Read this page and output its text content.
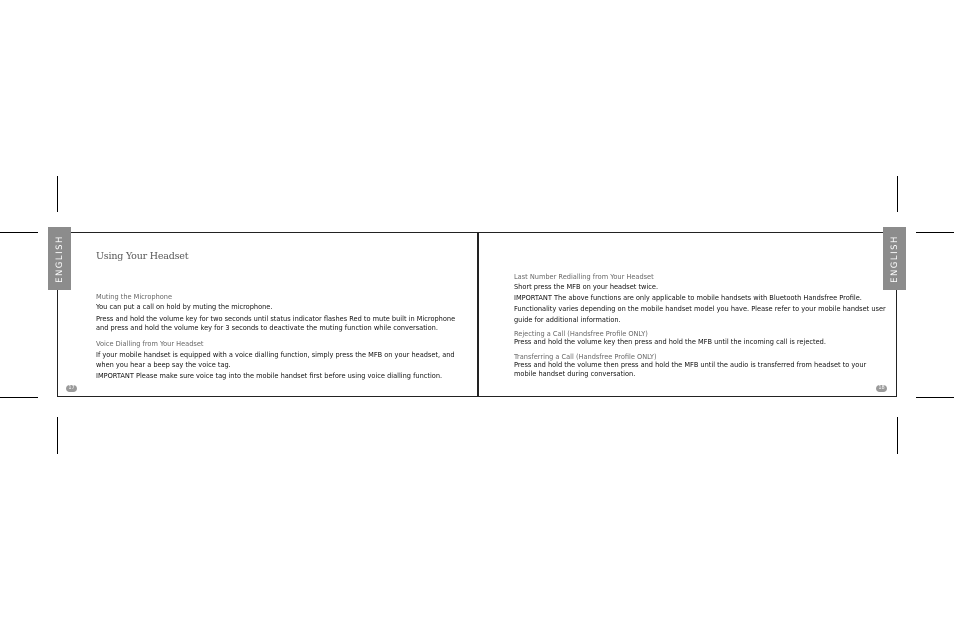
ENGLISH	ENGLISH
17	18
Using Your Headset
Muting the Microphone
You can put a call on hold by muting the microphone.
Press and hold the volume key for two seconds until status indicator flashes Red to mute built in Microphone
and press and hold the volume key for 3 seconds to deactivate the muting function while conversation.
Voice Dialling from Your Headset
If your mobile handset is equipped with a voice dialling function, simply press the MFB on your headset, and
when you hear a beep say the voice tag.
IMPORTANT Please make sure voice tag into the mobile handset first before using voice dialling function.
Last Number Redialling from Your Headset
Short press the MFB on your headset twice.
IMPORTANT The above functions are only applicable to mobile handsets with Bluetooth Handsfree Profile.
Functionality varies depending on the mobile handset model you have. Please refer to your mobile handset user
guide for additional information.
Rejecting a Call (Handsfree Profile ONLY)
Press and hold the volume key then press and hold the MFB until the incoming call is rejected.
Transferring a Call (Handsfree Profile ONLY)
Press and hold the volume then press and hold the MFB until the audio is transferred from headset to your
mobile handset during conversation.
